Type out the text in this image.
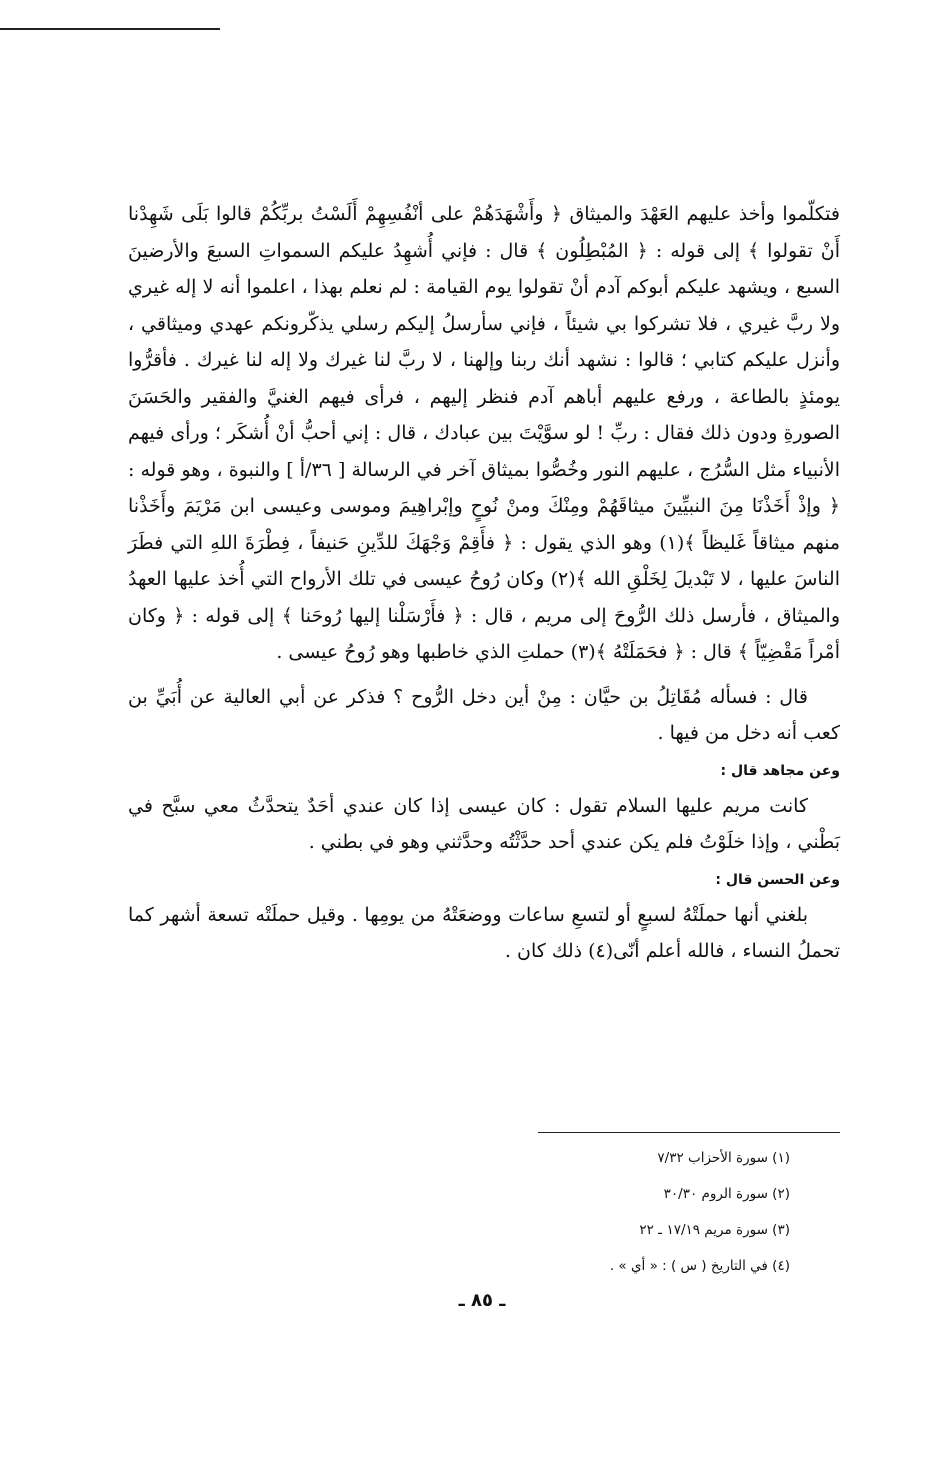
فتكلّموا وأخذ عليهم العَهْدَ والميثاق ﴿ وأَشْهَدَهُمْ على أنْفُسِهِمْ أَلَسْتُ بربِّكُمْ قالوا بَلَى شَهِدْنا أَنْ تقولوا ﴾ إلى قوله : ﴿ المُبْطِلُون ﴾ قال : فإني أُشهِدُ عليكم السمواتِ السبعَ والأرضينَ السبع ، ويشهد عليكم أبوكم آدم أنْ تقولوا يوم القيامة : لم نعلم بهذا ، اعلموا أنه لا إله غيري ولا ربَّ غيري ، فلا تشركوا بي شيئاً ، فإني سأرسلُ إليكم رسلي يذكّرونكم عهدي وميثاقي ، وأنزل عليكم كتابي ؛ قالوا : نشهد أنك ربنا وإلهنا ، لا ربَّ لنا غيرك ولا إله لنا غيرك . فأقرُّوا يومئذٍ بالطاعة ، ورفع عليهم أباهم آدم فنظر إليهم ، فرأى فيهم الغنيَّ والفقير والحَسَنَ الصورةِ ودون ذلك فقال : ربِّ ! لو سوَّيْتَ بين عبادك ، قال : إني أحبُّ أنْ أُشكَر ؛ ورأى فيهم الأنبياء مثل السُّرُج ، عليهم النور وخُصُّوا بميثاق آخر في الرسالة [ ٣٦/أ ] والنبوة ، وهو قوله : ﴿ وإذْ أَخَذْنَا مِنَ النبيِّينَ ميثاقَهُمْ ومِنْكَ ومنْ نُوحٍ وإبْراهِيمَ وموسى وعيسى ابن مَرْيَمَ وأَخَذْنا منهم ميثاقاً غَليظاً ﴾(١) وهو الذي يقول : ﴿ فأَقِمْ وَجْهَكَ للدِّينِ حَنيفاً ، فِطْرَةَ اللهِ التي فطَرَ الناسَ عليها ، لا تَبْديلَ لِخَلْقِ الله ﴾(٢) وكان رُوحُ عيسى في تلك الأرواح التي أُخذ عليها العهدُ والميثاق ، فأرسل ذلك الرُّوحَ إلى مريم ، قال : ﴿ فأَرْسَلْنا إليها رُوحَنا ﴾ إلى قوله : ﴿ وكان أمْراً مَقْضِيّاً ﴾ قال : ﴿ فحَمَلَتْهُ ﴾(٣) حملتِ الذي خاطبها وهو رُوحُ عيسى .

قال : فسأله مُقَاتِلُ بن حيَّان : مِنْ أين دخل الرُّوح ؟ فذكر عن أبي العالية عن أُبَيِّ بن كعب أنه دخل من فيها .

وعن مجاهد قال :

كانت مريم عليها السلام تقول : كان عيسى إذا كان عندي أحَدٌ يتحدَّثُ معي سبَّح في بَطْني ، وإذا خلَوْتُ فلم يكن عندي أحد حدَّثْتُه وحدَّثني وهو في بطني .

وعن الحسن قال :

بلغني أنها حملَتْهُ لسبعٍ أو لتسعِ ساعات ووضعَتْهُ من يومِها . وقيل حملَتْه تسعة أشهر كما تحملُ النساء ، فالله أعلم أنّى(٤) ذلك كان .

(١) سورة الأحزاب ٧/٣٢

(٢) سورة الروم ٣٠/٣٠

(٣) سورة مريم ١٧/١٩ ـ ٢٢

(٤) في التاريخ ( س ) : « أي » .

ـ ٨٥ ـ
